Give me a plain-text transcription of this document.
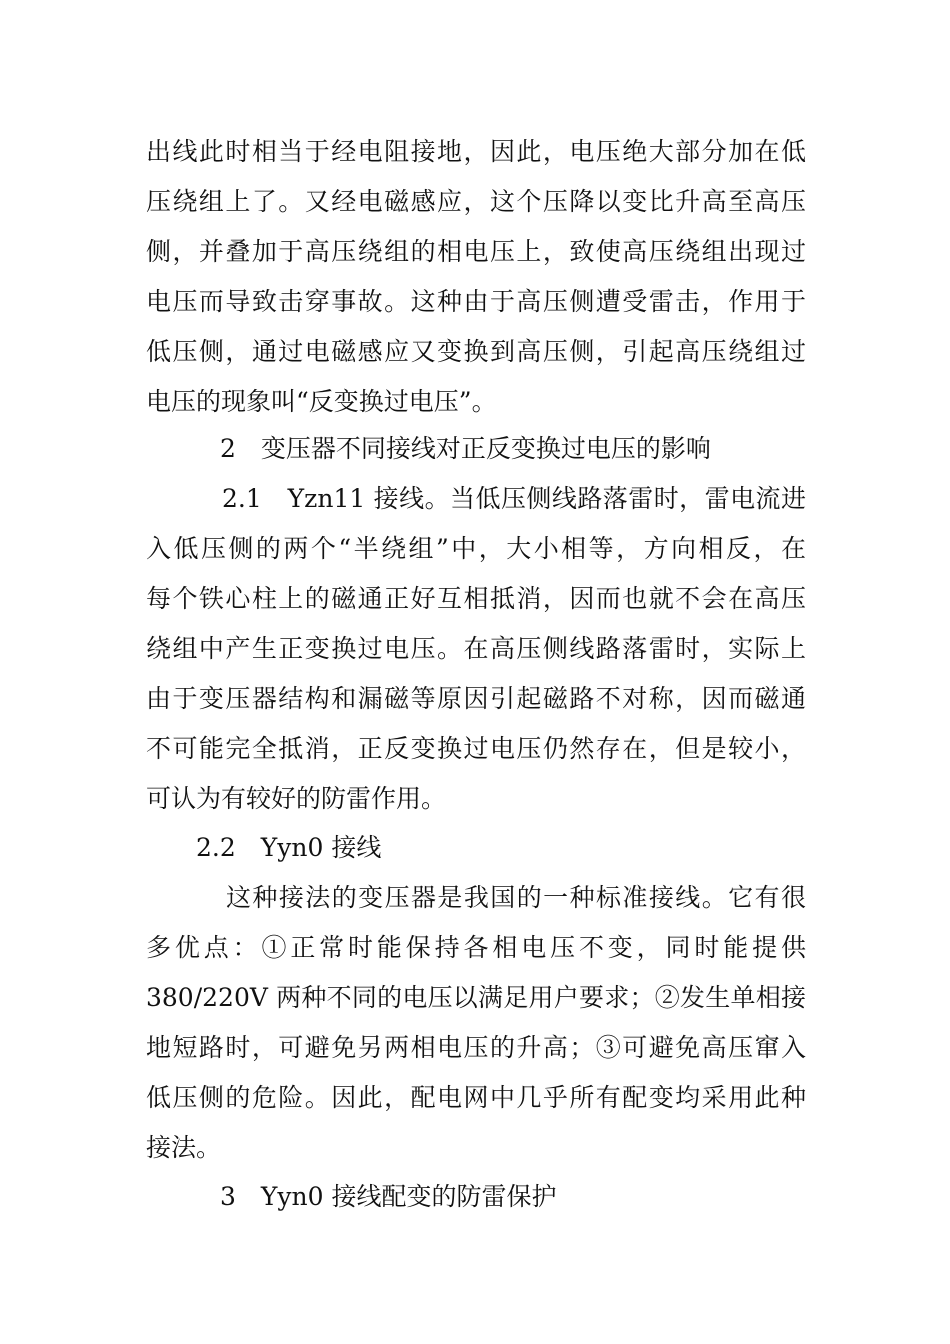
出线此时相当于经电阻接地，因此，电压绝大部分加在低
压绕组上了。又经电磁感应，这个压降以变比升高至高压
侧，并叠加于高压绕组的相电压上，致使高压绕组出现过
电压而导致击穿事故。这种由于高压侧遭受雷击，作用于
低压侧，通过电磁感应又变换到高压侧，引起高压绕组过
电压的现象叫“反变换过电压”。
2　变压器不同接线对正反变换过电压的影响
2.1　Yzn11 接线。当低压侧线路落雷时，雷电流进
入低压侧的两个“半绕组”中，大小相等，方向相反，在
每个铁心柱上的磁通正好互相抵消，因而也就不会在高压
绕组中产生正变换过电压。在高压侧线路落雷时，实际上
由于变压器结构和漏磁等原因引起磁路不对称，因而磁通
不可能完全抵消，正反变换过电压仍然存在，但是较小，
可认为有较好的防雷作用。
2.2　Yyn0 接线
这种接法的变压器是我国的一种标准接线。它有很
多优点：①正常时能保持各相电压不变，同时能提供
380/220V 两种不同的电压以满足用户要求；②发生单相接
地短路时，可避免另两相电压的升高；③可避免高压窜入
低压侧的危险。因此，配电网中几乎所有配变均采用此种
接法。
3　Yyn0 接线配变的防雷保护
